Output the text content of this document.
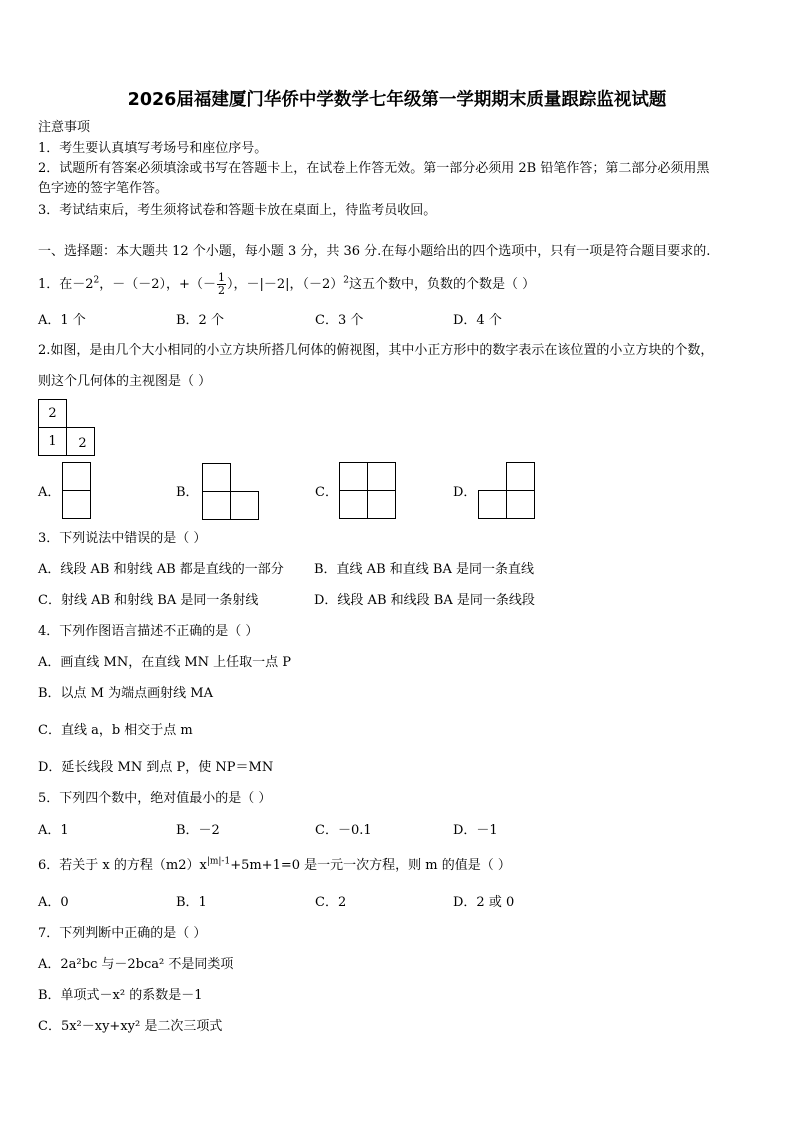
2026届福建厦门华侨中学数学七年级第一学期期末质量跟踪监视试题
注意事项
1．考生要认真填写考场号和座位序号。
2．试题所有答案必须填涂或书写在答题卡上，在试卷上作答无效。第一部分必须用 2B 铅笔作答；第二部分必须用黑
色字迹的签字笔作答。
3．考试结束后，考生须将试卷和答题卡放在桌面上，待监考员收回。
一、选择题：本大题共 12 个小题，每小题 3 分，共 36 分.在每小题给出的四个选项中，只有一项是符合题目要求的.
1．在$-2^2$，－（－2），+（－ $\frac{1}{2}$ ），－|－2|，$(-2)^2$这五个数中，负数的个数是（ ）
A．1 个	B．2 个	C．3 个	D．4 个
2.如图，是由几个大小相同的小立方块所搭几何体的俯视图，其中小正方形中的数字表示在该位置的小立方块的个数，
则这个几何体的主视图是（ ）
2
1	2
A．	B．	C．	D．
3．下列说法中错误的是（ ）
A．线段 AB 和射线 AB 都是直线的一部分 B．直线 AB 和直线 BA 是同一条直线
C．射线 AB 和射线 BA 是同一条射线	D．线段 AB 和线段 BA 是同一条线段
4．下列作图语言描述不正确的是（ ）
A．画直线 MN，在直线 MN 上任取一点 P
B．以点 M 为端点画射线 MA
C．直线 a，b 相交于点 m
D．延长线段 MN 到点 P，使 NP＝MN
5．下列四个数中，绝对值最小的是（ ）
A．1	B．－2	C．－0.1	D．－1
6．若关于 x 的方程$(m2)x^{|m|-1}+5m+1=0$ 是一元一次方程，则 m 的值是（ ）
A．0	B．1	C．2	D．2 或 0
7．下列判断中正确的是（ ）
A．2a²bc 与－2bca² 不是同类项
B．单项式－x² 的系数是－1
C．5x²－xy+xy² 是二次三项式
